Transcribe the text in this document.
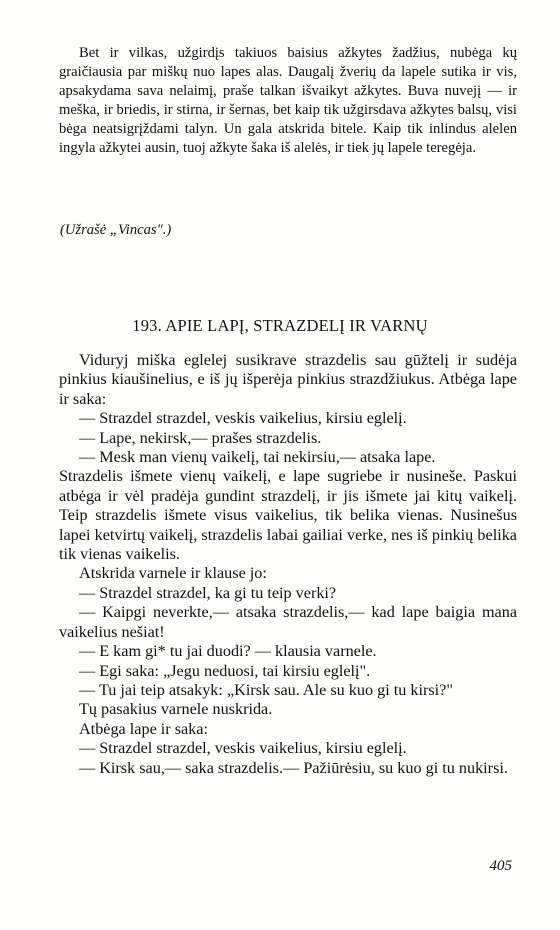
Bet ir vilkas, užgirdįs takiuos baisius ažkytes žadžius, nubėga kų graičiausia par miškų nuo lapes alas. Daugalį žverių da lapele sutika ir vis, apsakydama sava nelaimį, praše talkan išvaikyt ažkytes. Buva nuvejį — ir meška, ir briedis, ir stirna, ir šernas, bet kaip tik užgirsdava ažkytes balsų, visi bėga neatsigrįždami talyn. Un gala atskrida bitele. Kaip tik inlindus alelen ingyla ažkytei ausin, tuoj ažkyte šaka iš alelės, ir tiek jų lapele teregėja.

(Užrašė „Vincas".)
193. APIE LAPĮ, STRAZDELĮ IR VARNŲ

Viduryj miška eglelej susikrave strazdelis sau gūžtelį ir sudėja pinkius kiaušinelius, e iš jų išperėja pinkius strazdžiukus. Atbėga lape ir saka:

— Strazdel strazdel, veskis vaikelius, kirsiu eglelį.

— Lape, nekirsk,— prašes strazdelis.

— Mesk man vienų vaikelį, tai nekirsiu,— atsaka lape.

Strazdelis išmete vienų vaikelį, e lape sugriebe ir nusineše. Paskui atbėga ir vėl pradėja gundint strazdelį, ir jis išmete jai kitų vaikelį. Teip strazdelis išmete visus vaikelius, tik belika vienas. Nusinešus lapei ketvirtų vaikelį, strazdelis labai gailiai verke, nes iš pinkių belika tik vienas vaikelis.

Atskrida varnele ir klause jo:

— Strazdel strazdel, ka gi tu teip verki?

— Kaipgi neverkte,— atsaka strazdelis,— kad lape baigia mana vaikelius nešiat!

— E kam gi* tu jai duodi? — klausia varnele.

— Egi saka: „Jegu neduosi, tai kirsiu eglelį".

— Tu jai teip atsakyk: „Kirsk sau. Ale su kuo gi tu kirsi?"

Tų pasakius varnele nuskrida.

Atbėga lape ir saka:

— Strazdel strazdel, veskis vaikelius, kirsiu eglelį.

— Kirsk sau,— saka strazdelis.— Pažiūrėsiu, su kuo gi tu nukirsi.

405
